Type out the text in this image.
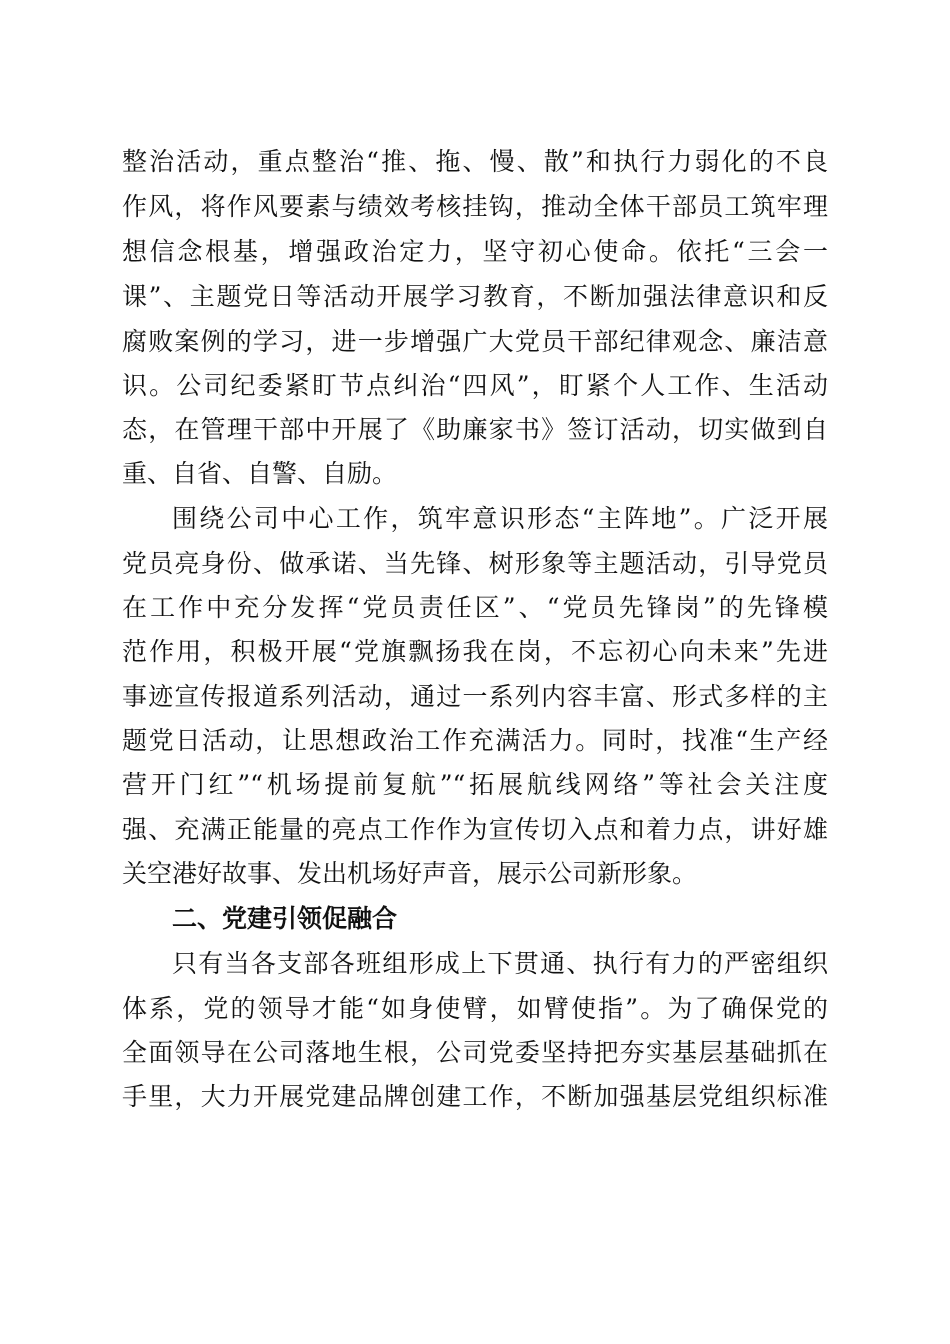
整治活动，重点整治“推、拖、慢、散”和执行力弱化的不良
作风，将作风要素与绩效考核挂钩，推动全体干部员工筑牢理
想信念根基，增强政治定力，坚守初心使命。依托“三会一
课”、主题党日等活动开展学习教育，不断加强法律意识和反
腐败案例的学习，进一步增强广大党员干部纪律观念、廉洁意
识。公司纪委紧盯节点纠治“四风”，盯紧个人工作、生活动
态，在管理干部中开展了《助廉家书》签订活动，切实做到自
重、自省、自警、自励。
围绕公司中心工作，筑牢意识形态“主阵地”。广泛开展
党员亮身份、做承诺、当先锋、树形象等主题活动，引导党员
在工作中充分发挥“党员责任区”、“党员先锋岗”的先锋模
范作用，积极开展“党旗飘扬我在岗，不忘初心向未来”先进
事迹宣传报道系列活动，通过一系列内容丰富、形式多样的主
题党日活动，让思想政治工作充满活力。同时，找准“生产经
营开门红”“机场提前复航”“拓展航线网络”等社会关注度
强、充满正能量的亮点工作作为宣传切入点和着力点，讲好雄
关空港好故事、发出机场好声音，展示公司新形象。
二、党建引领促融合
只有当各支部各班组形成上下贯通、执行有力的严密组织
体系，党的领导才能“如身使臂，如臂使指”。为了确保党的
全面领导在公司落地生根，公司党委坚持把夯实基层基础抓在
手里，大力开展党建品牌创建工作，不断加强基层党组织标准
